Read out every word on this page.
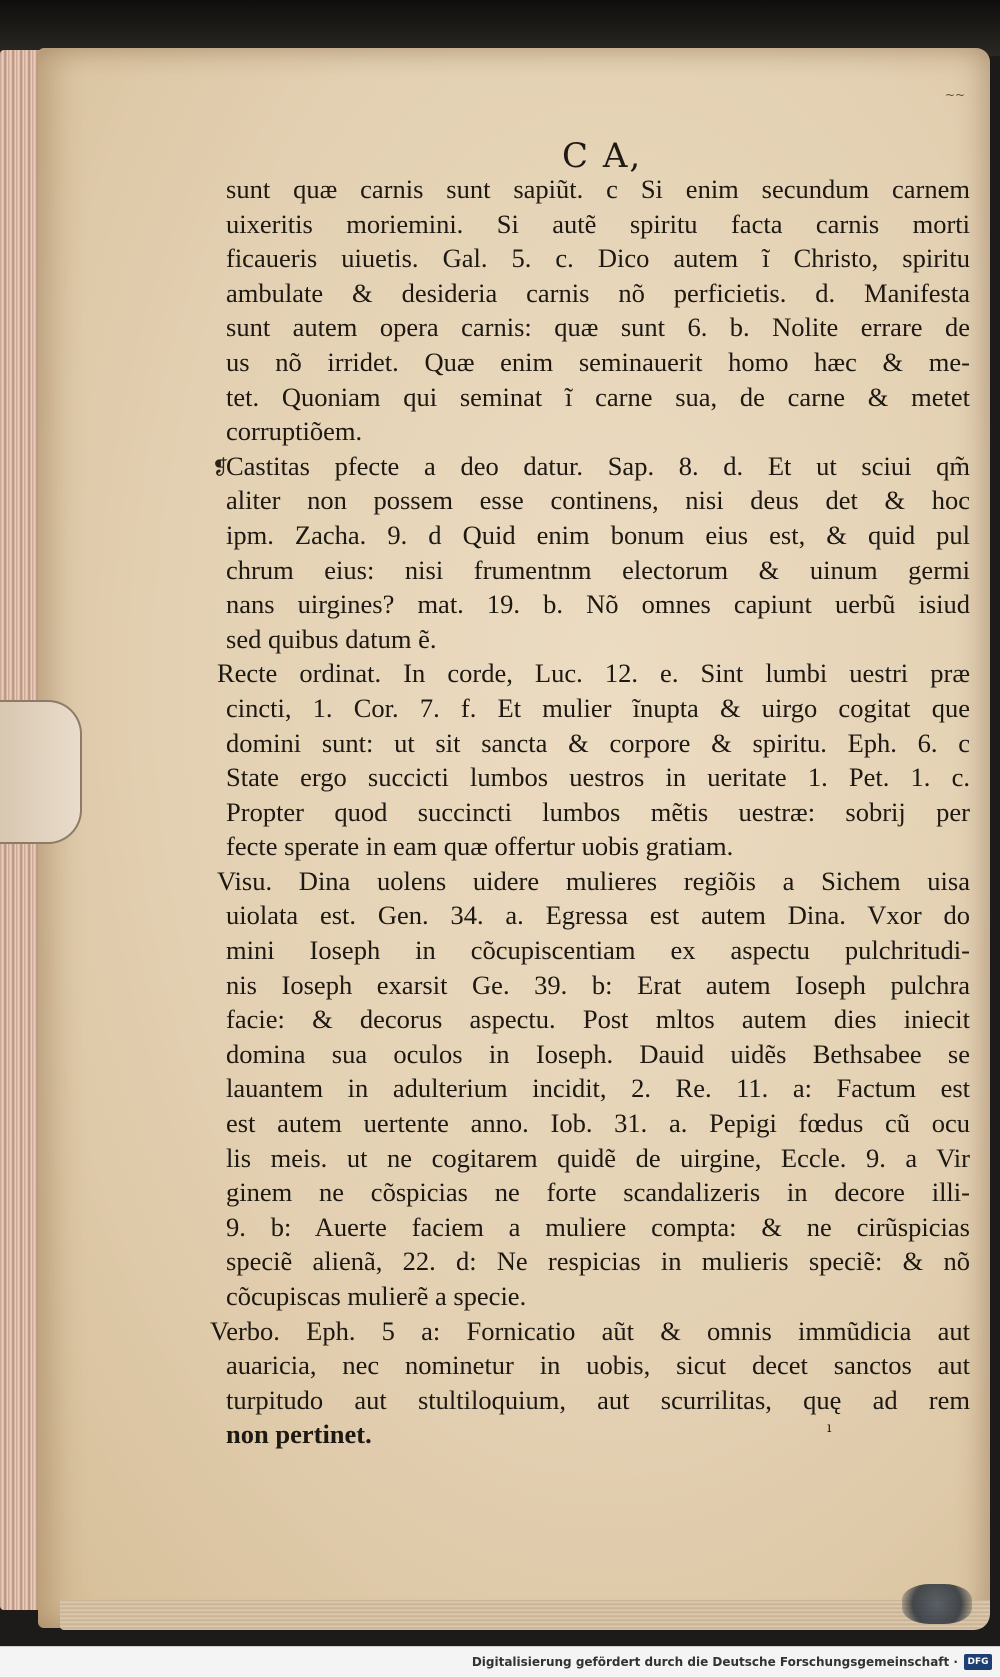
~~
C A,
❡
sunt quæ carnis sunt sapiũt. c Si enim secundum carnem
uixeritis moriemini. Si autẽ spiritu facta carnis morti
ficaueris uiuetis. Gal. 5. c. Dico autem ĩ Christo, spiritu
ambulate & desideria carnis nõ perficietis. d. Manifesta
sunt autem opera carnis: quæ sunt 6. b. Nolite errare de
us nõ irridet. Quæ enim seminauerit homo hæc & me-
tet. Quoniam qui seminat ĩ carne sua, de carne & metet
corruptiõem.
Castitas pfecte a deo datur. Sap. 8. d. Et ut sciui qm̃
aliter non possem esse continens, nisi deus det & hoc
ipm. Zacha. 9. d Quid enim bonum eius est, & quid pul
chrum eius: nisi frumentnm electorum & uinum germi
nans uirgines? mat. 19. b. Nõ omnes capiunt uerbũ isiud
sed quibus datum ẽ.
Recte ordinat. In corde, Luc. 12. e. Sint lumbi uestri præ
cincti, 1. Cor. 7. f. Et mulier ĩnupta & uirgo cogitat que
domini sunt: ut sit sancta & corpore & spiritu. Eph. 6. c
State ergo succicti lumbos uestros in ueritate 1. Pet. 1. c.
Propter quod succincti lumbos mẽtis uestræ: sobrij per
fecte sperate in eam quæ offertur uobis gratiam.
Visu. Dina uolens uidere mulieres regiõis a Sichem uisa
uiolata est. Gen. 34. a. Egressa est autem Dina. Vxor do
mini Ioseph in cõcupiscentiam ex aspectu pulchritudi-
nis Ioseph exarsit Ge. 39. b: Erat autem Ioseph pulchra
facie: & decorus aspectu. Post mltos autem dies iniecit
domina sua oculos in Ioseph. Dauid uidẽs Bethsabee se
lauantem in adulterium incidit, 2. Re. 11. a: Factum est
est autem uertente anno. Iob. 31. a. Pepigi fœdus cũ ocu
lis meis. ut ne cogitarem quidẽ de uirgine, Eccle. 9. a Vir
ginem ne cõspicias ne forte scandalizeris in decore illi-
9. b: Auerte faciem a muliere compta: & ne cirũspicias
speciẽ alienã, 22. d: Ne respicias in mulieris speciẽ: & nõ
cõcupiscas mulierẽ a specie.
Verbo. Eph. 5 a: Fornicatio aũt & omnis immũdicia aut
auaricia, nec nominetur in uobis, sicut decet sanctos aut
turpitudo aut stultiloquium, aut scurrilitas, quę ad rem
non pertinet.	ı
Digitalisierung gefördert durch die Deutsche Forschungsgemeinschaft ·	DFG
